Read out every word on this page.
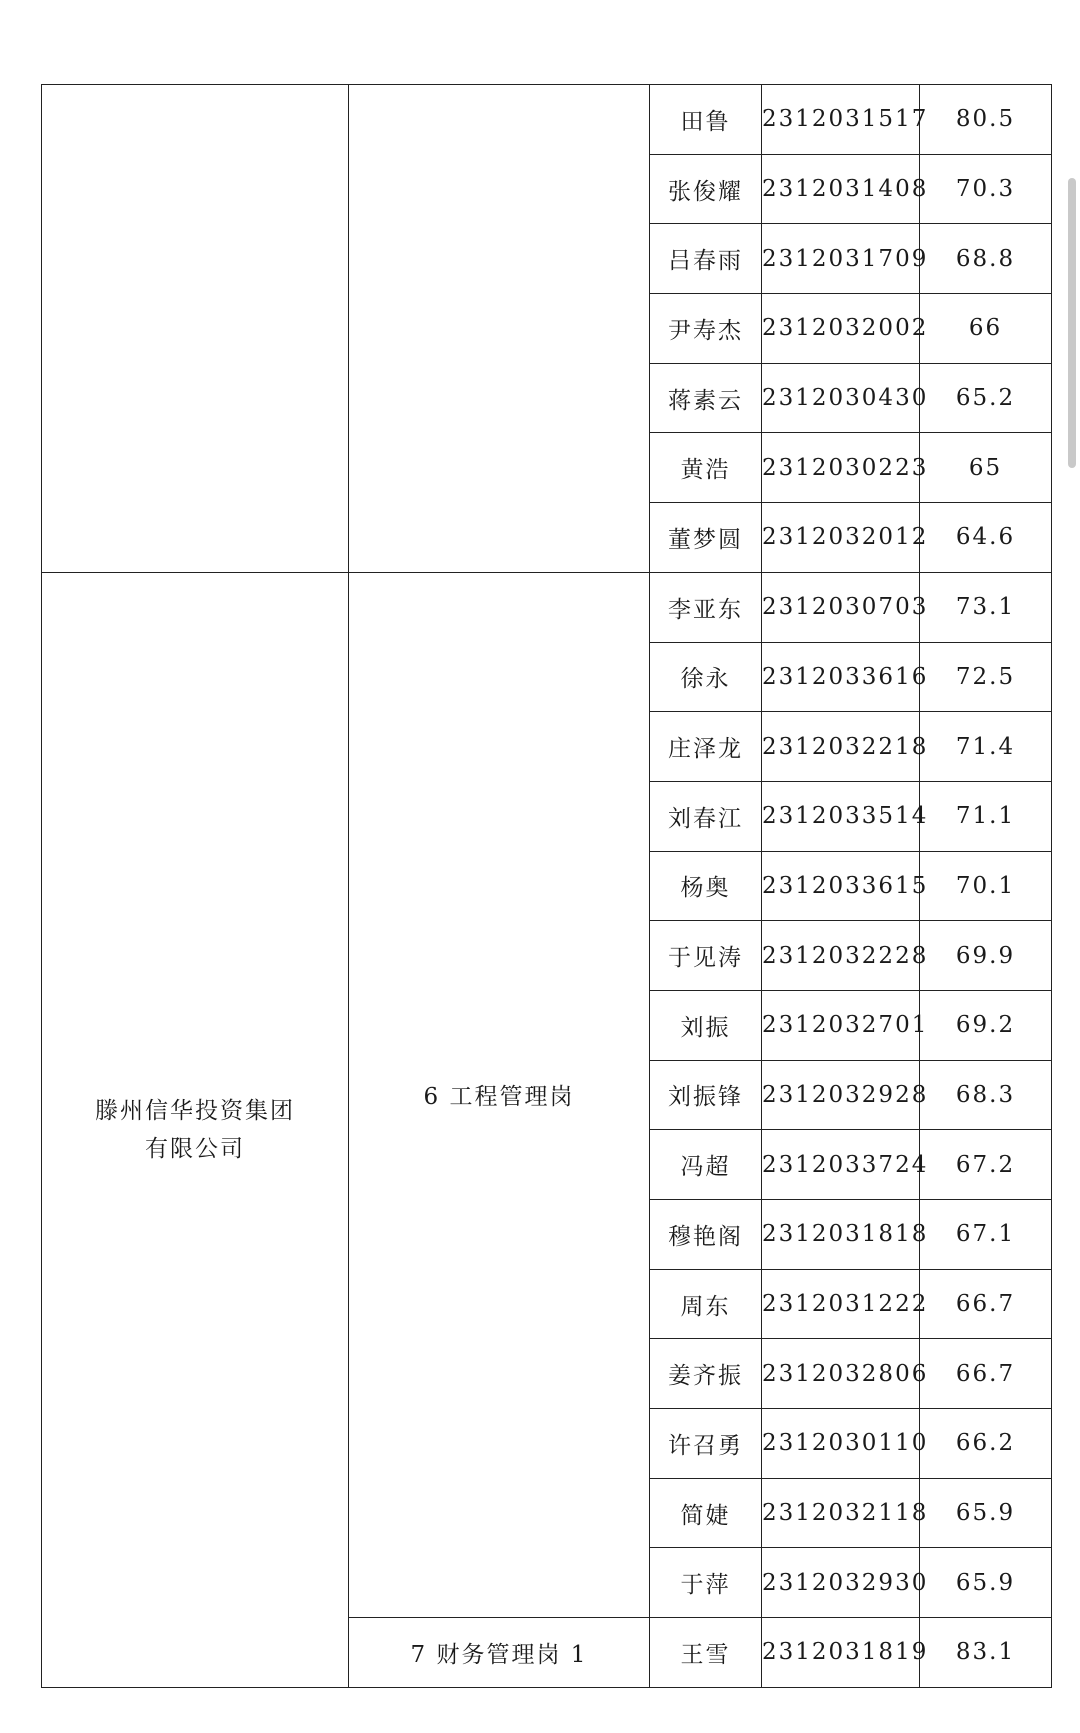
		田鲁	2312031517	80.5
		张俊耀	2312031408	70.3
		吕春雨	2312031709	68.8
		尹寿杰	2312032002	66
		蒋素云	2312030430	65.2
		黄浩	2312030223	65
		董梦圆	2312032012	64.6

滕州信华投资集团
有限公司	6 工程管理岗	李亚东	2312030703	73.1
		徐永	2312033616	72.5
		庄泽龙	2312032218	71.4
		刘春江	2312033514	71.1
		杨奥	2312033615	70.1
		于见涛	2312032228	69.9
		刘振	2312032701	69.2
		刘振锋	2312032928	68.3
		冯超	2312033724	67.2
		穆艳阁	2312031818	67.1
		周东	2312031222	66.7
		姜齐振	2312032806	66.7
		许召勇	2312030110	66.2
		简婕	2312032118	65.9
		于萍	2312032930	65.9
	7 财务管理岗 1	王雪	2312031819	83.1
